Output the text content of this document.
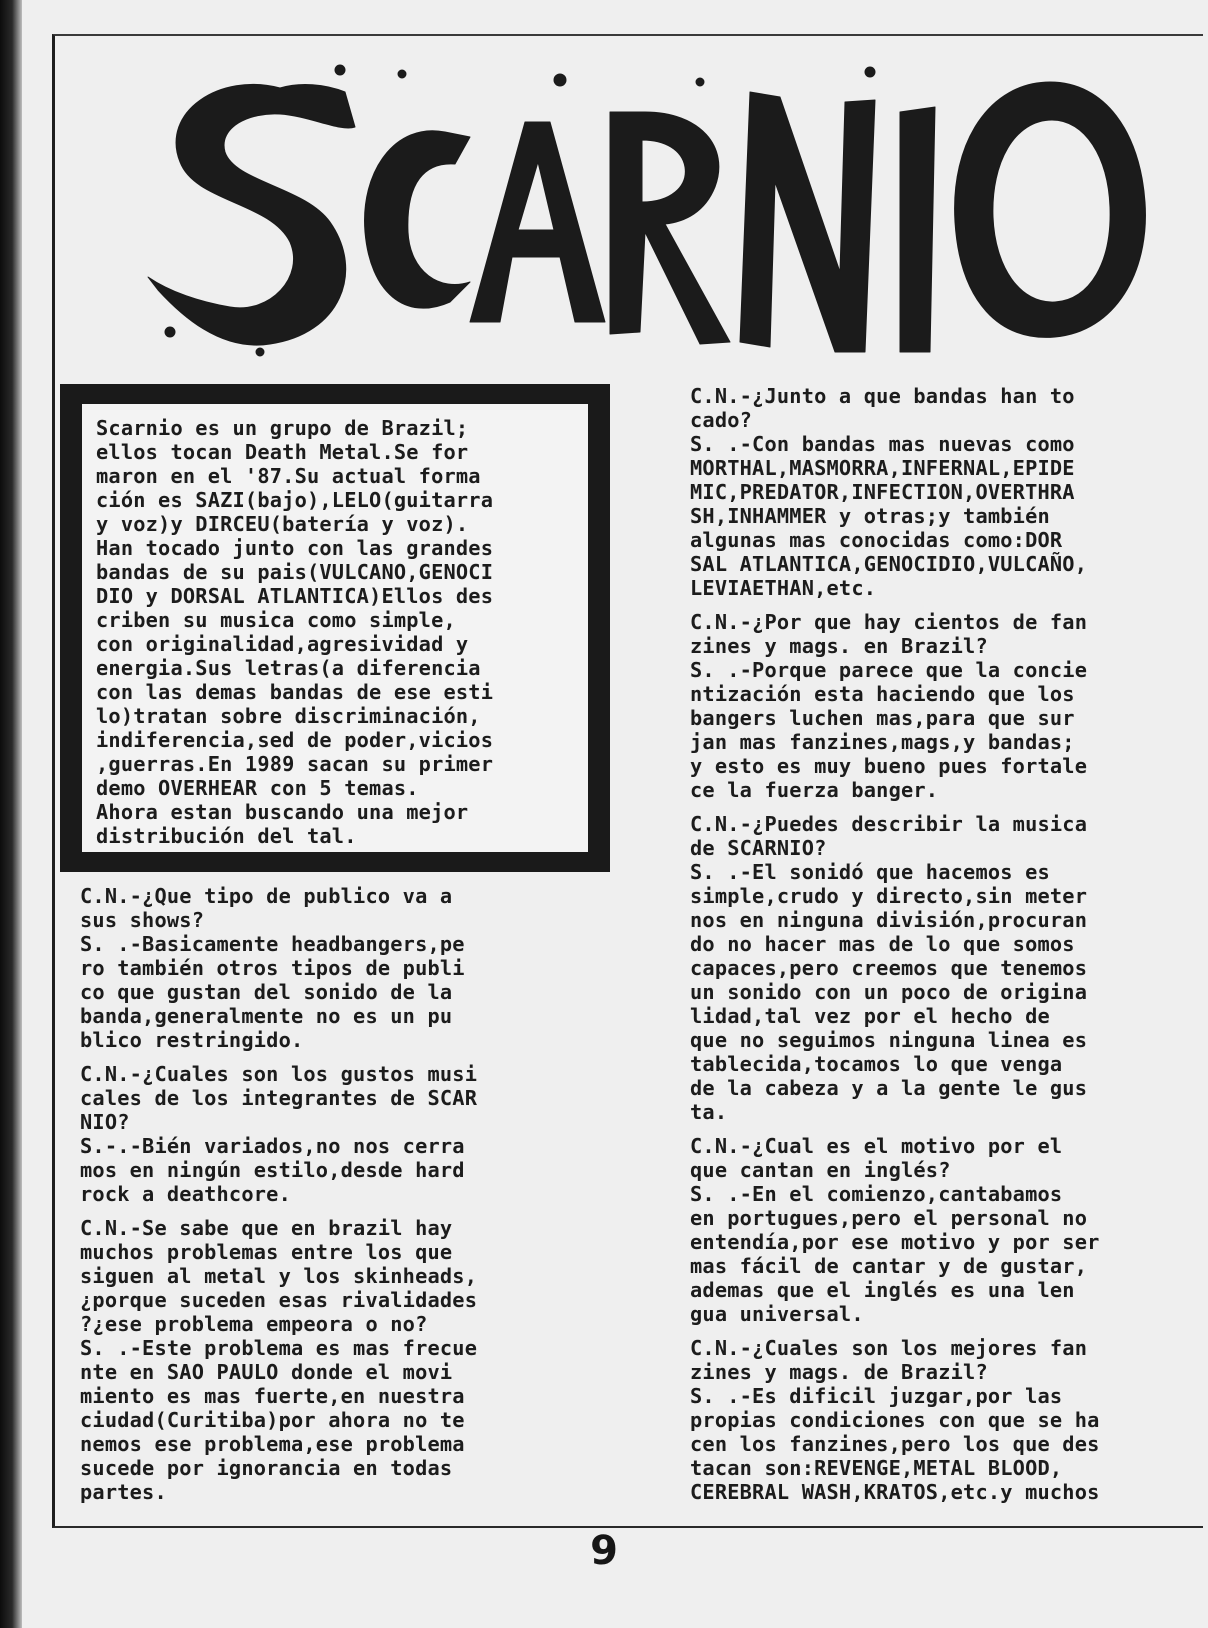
Scarnio es un grupo de Brazil;
ellos tocan Death Metal.Se for
maron en el '87.Su actual forma
ción es SAZI(bajo),LELO(guitarra
y voz)y DIRCEU(batería y voz).
Han tocado junto con las grandes
bandas de su pais(VULCANO,GENOCI
DIO y DORSAL ATLANTICA)Ellos des
criben su musica como simple,
con originalidad,agresividad y
energia.Sus letras(a diferencia
con las demas bandas de ese esti
lo)tratan sobre discriminación,
indiferencia,sed de poder,vicios
,guerras.En 1989 sacan su primer
demo OVERHEAR con 5 temas.
Ahora estan buscando una mejor
distribución del tal.

C.N.-¿Que tipo de publico va a
sus shows?
S. .-Basicamente headbangers,pe
ro también otros tipos de publi
co que gustan del sonido de la
banda,generalmente no es un pu
blico restringido.

C.N.-¿Cuales son los gustos musi
cales de los integrantes de SCAR
NIO?
S.-.-Bién variados,no nos cerra
mos en ningún estilo,desde hard
rock a deathcore.

C.N.-Se sabe que en brazil hay
muchos problemas entre los que
siguen al metal y los skinheads,
¿porque suceden esas rivalidades
?¿ese problema empeora o no?
S. .-Este problema es mas frecue
nte en SAO PAULO donde el movi
miento es mas fuerte,en nuestra
ciudad(Curitiba)por ahora no te
nemos ese problema,ese problema
sucede por ignorancia en todas
partes.

C.N.-¿Junto a que bandas han to
cado?
S. .-Con bandas mas nuevas como
MORTHAL,MASMORRA,INFERNAL,EPIDE
MIC,PREDATOR,INFECTION,OVERTHRA
SH,INHAMMER y otras;y también
algunas mas conocidas como:DOR
SAL ATLANTICA,GENOCIDIO,VULCAÑO,
LEVIAETHAN,etc.

C.N.-¿Por que hay cientos de fan
zines y mags. en Brazil?
S. .-Porque parece que la concie
ntización esta haciendo que los
bangers luchen mas,para que sur
jan mas fanzines,mags,y bandas;
y esto es muy bueno pues fortale
ce la fuerza banger.

C.N.-¿Puedes describir la musica
de SCARNIO?
S. .-El sonidó que hacemos es
simple,crudo y directo,sin meter
nos en ninguna división,procuran
do no hacer mas de lo que somos
capaces,pero creemos que tenemos
un sonido con un poco de origina
lidad,tal vez por el hecho de
que no seguimos ninguna linea es
tablecida,tocamos lo que venga
de la cabeza y a la gente le gus
ta.

C.N.-¿Cual es el motivo por el
que cantan en inglés?
S. .-En el comienzo,cantabamos
en portugues,pero el personal no
entendía,por ese motivo y por ser
mas fácil de cantar y de gustar,
ademas que el inglés es una len
gua universal.

C.N.-¿Cuales son los mejores fan
zines y mags. de Brazil?
S. .-Es dificil juzgar,por las
propias condiciones con que se ha
cen los fanzines,pero los que des
tacan son:REVENGE,METAL BLOOD,
CEREBRAL WASH,KRATOS,etc.y muchos

9
